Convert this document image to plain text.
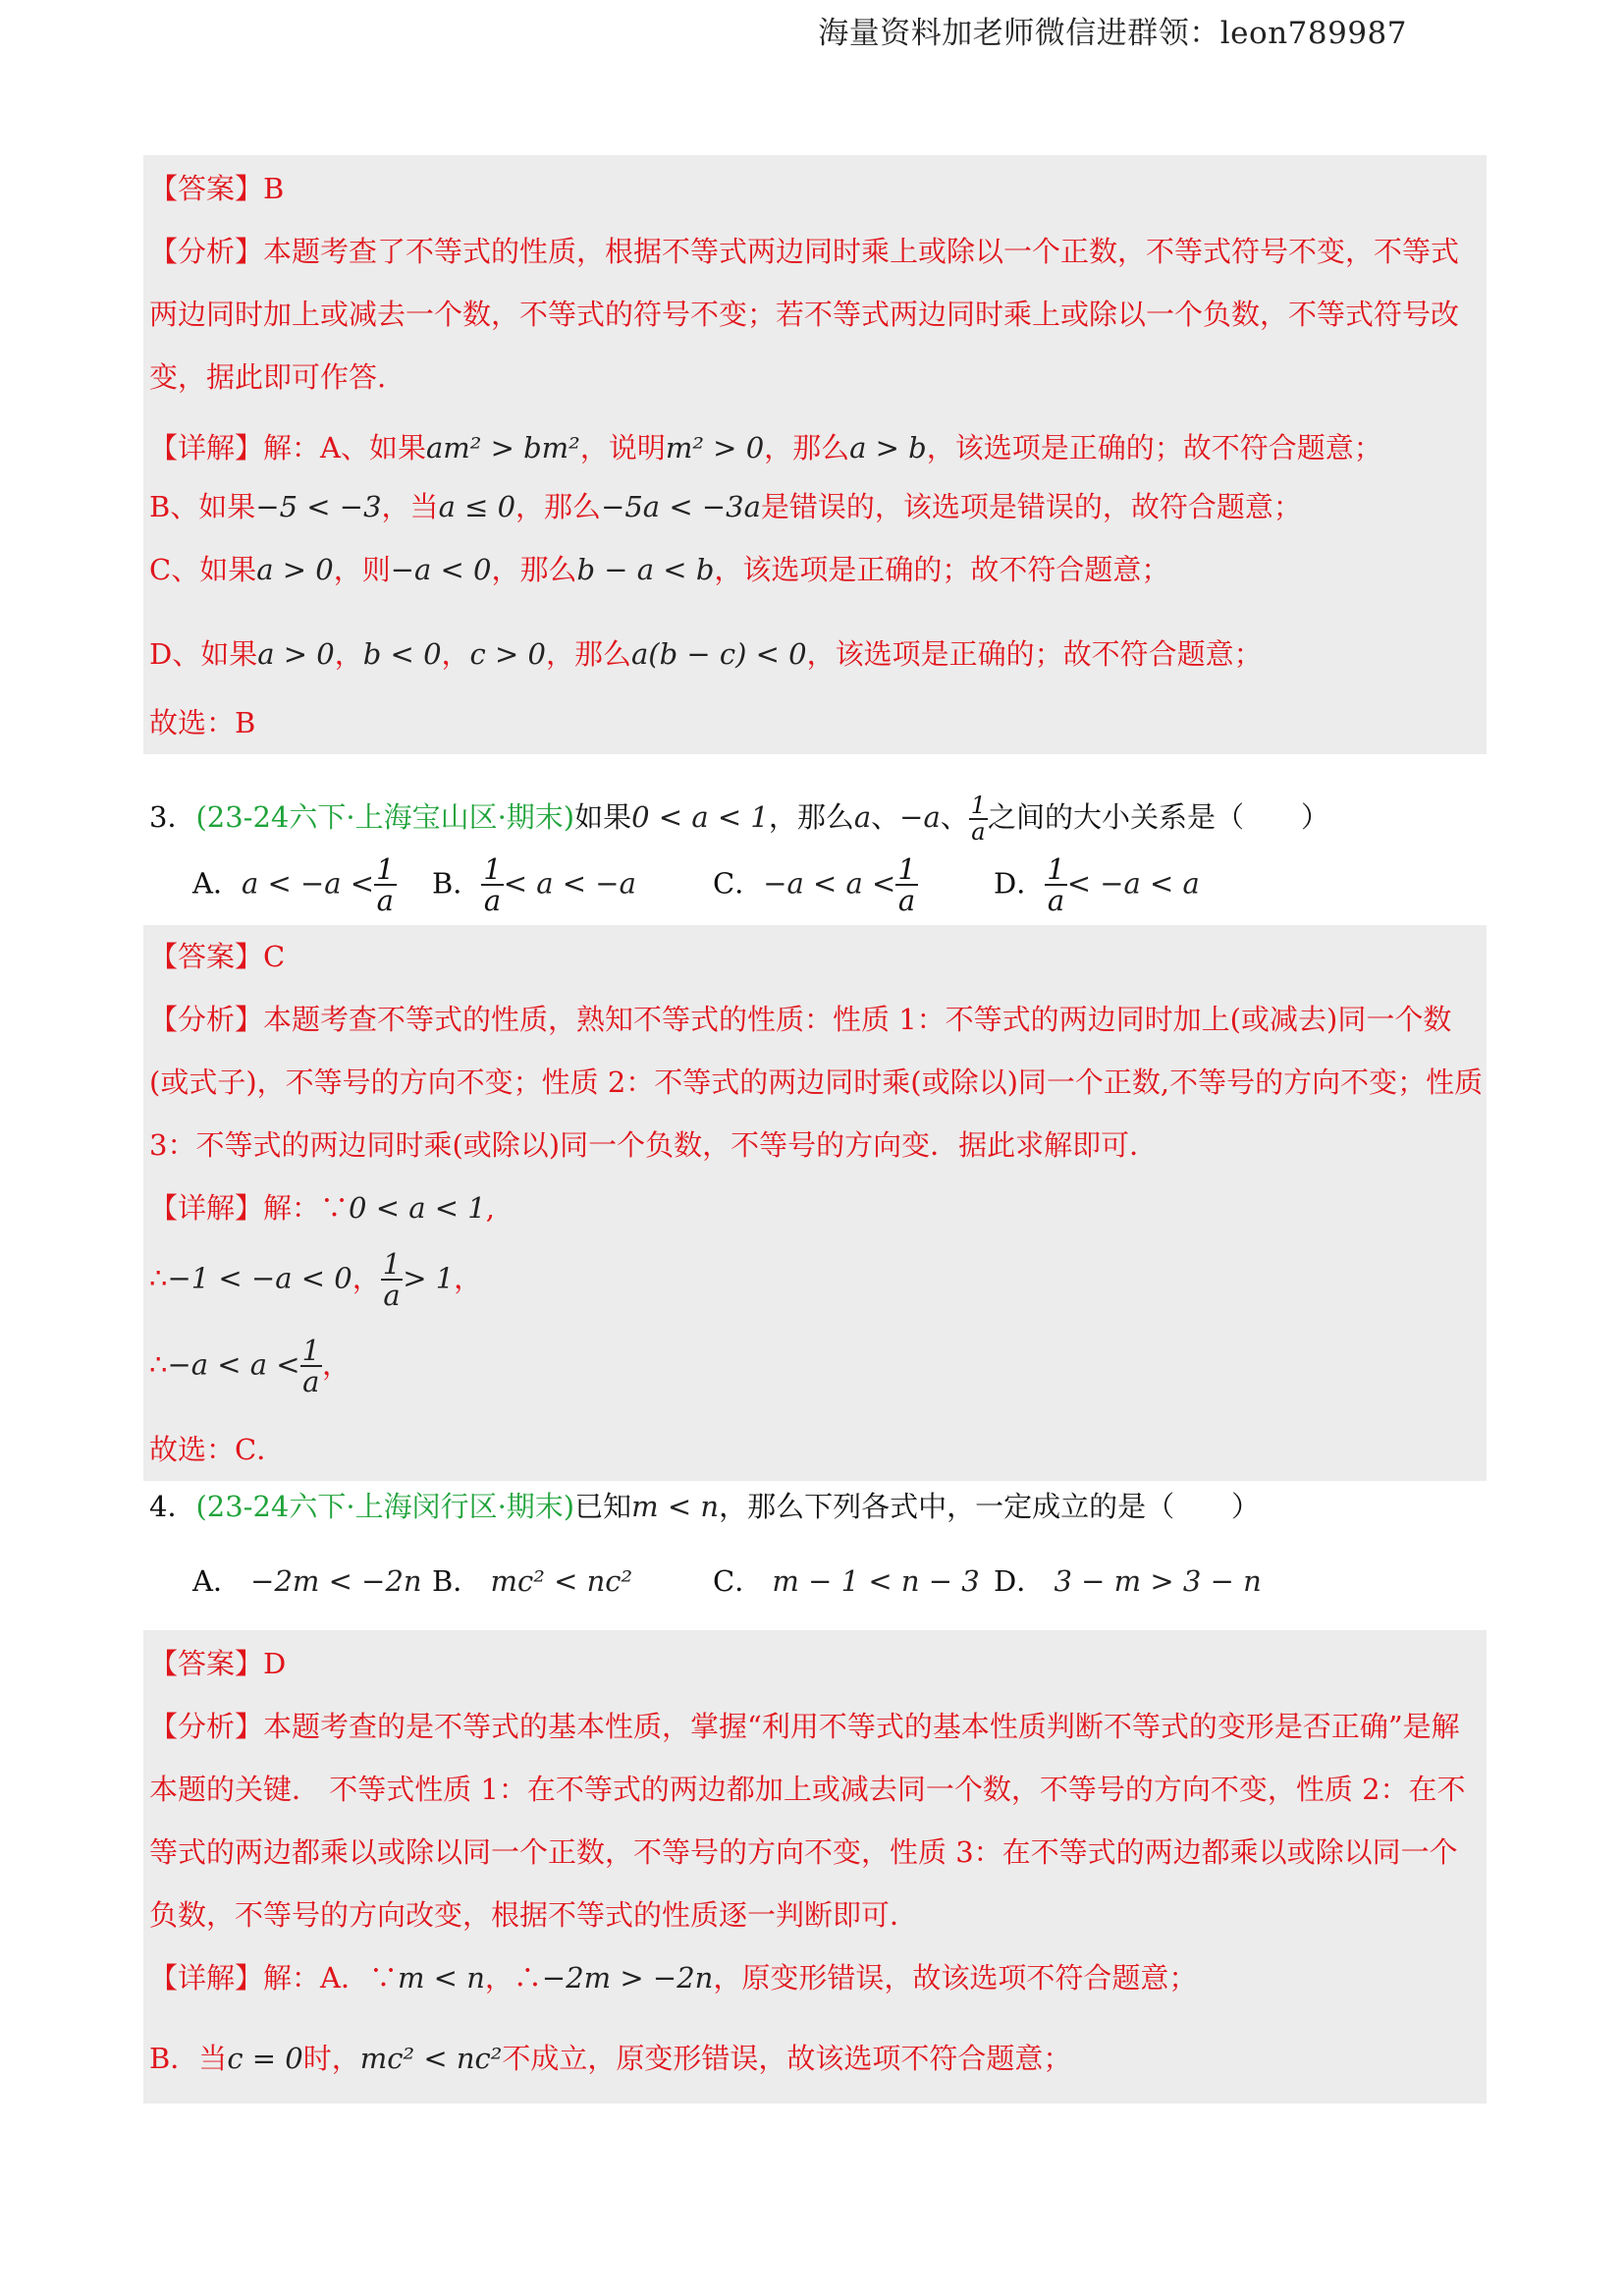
海量资料加老师微信进群领：leon789987
【答案】B
【分析】本题考查了不等式的性质，根据不等式两边同时乘上或除以一个正数，不等式符号不变，不等式
两边同时加上或减去一个数，不等式的符号不变；若不等式两边同时乘上或除以一个负数，不等式符号改
变，据此即可作答.
【详解】解：A、如果am² > bm²，说明m² > 0，那么a > b，该选项是正确的；故不符合题意；
B、如果−5 < −3，当a ≤ 0，那么−5a < −3a是错误的，该选项是错误的，故符合题意；
C、如果a > 0，则−a < 0，那么b − a < b，该选项是正确的；故不符合题意；
D、如果a > 0，b < 0，c > 0，那么a(b − c) < 0，该选项是正确的；故不符合题意；
故选：B
3．(23-24六下·上海宝山区·期末)如果0 < a < 1，那么a、−a、 $\frac{1}{a}$ 之间的大小关系是（　　）
A．$a < -a < \frac{1}{a}$ B． $\frac{1}{a} < a < -a$	C．$-a < a < \frac{1}{a}$	D． $\frac{1}{a} < -a < a$
【答案】C
【分析】本题考查不等式的性质，熟知不等式的性质：性质 1：不等式的两边同时加上(或减去)同一个数
(或式子)，不等号的方向不变；性质 2：不等式的两边同时乘(或除以)同一个正数,不等号的方向不变；性质
3：不等式的两边同时乘(或除以)同一个负数，不等号的方向变．据此求解即可．
【详解】解：∵0 < a < 1,
∴−1 < −a < 0， $\frac{1}{a} > 1$，
∴−a < $a < \frac{1}{a}$ ，
故选：C．
4．(23-24六下·上海闵行区·期末)已知m < n，那么下列各式中，一定成立的是（　　）
A． −2m < −2n B． mc² < nc²	C． m − 1 < n − 3 D． 3 − m > 3 − n
【答案】D
【分析】本题考查的是不等式的基本性质，掌握“利用不等式的基本性质判断不等式的变形是否正确”是解
本题的关键． 不等式性质 1：在不等式的两边都加上或减去同一个数，不等号的方向不变，性质 2：在不
等式的两边都乘以或除以同一个正数，不等号的方向不变，性质 3：在不等式的两边都乘以或除以同一个
负数，不等号的方向改变，根据不等式的性质逐一判断即可．
【详解】解：A．∵m < n，∴−2m > −2n，原变形错误，故该选项不符合题意；
B．当c = 0时，mc² < nc²不成立，原变形错误，故该选项不符合题意；
